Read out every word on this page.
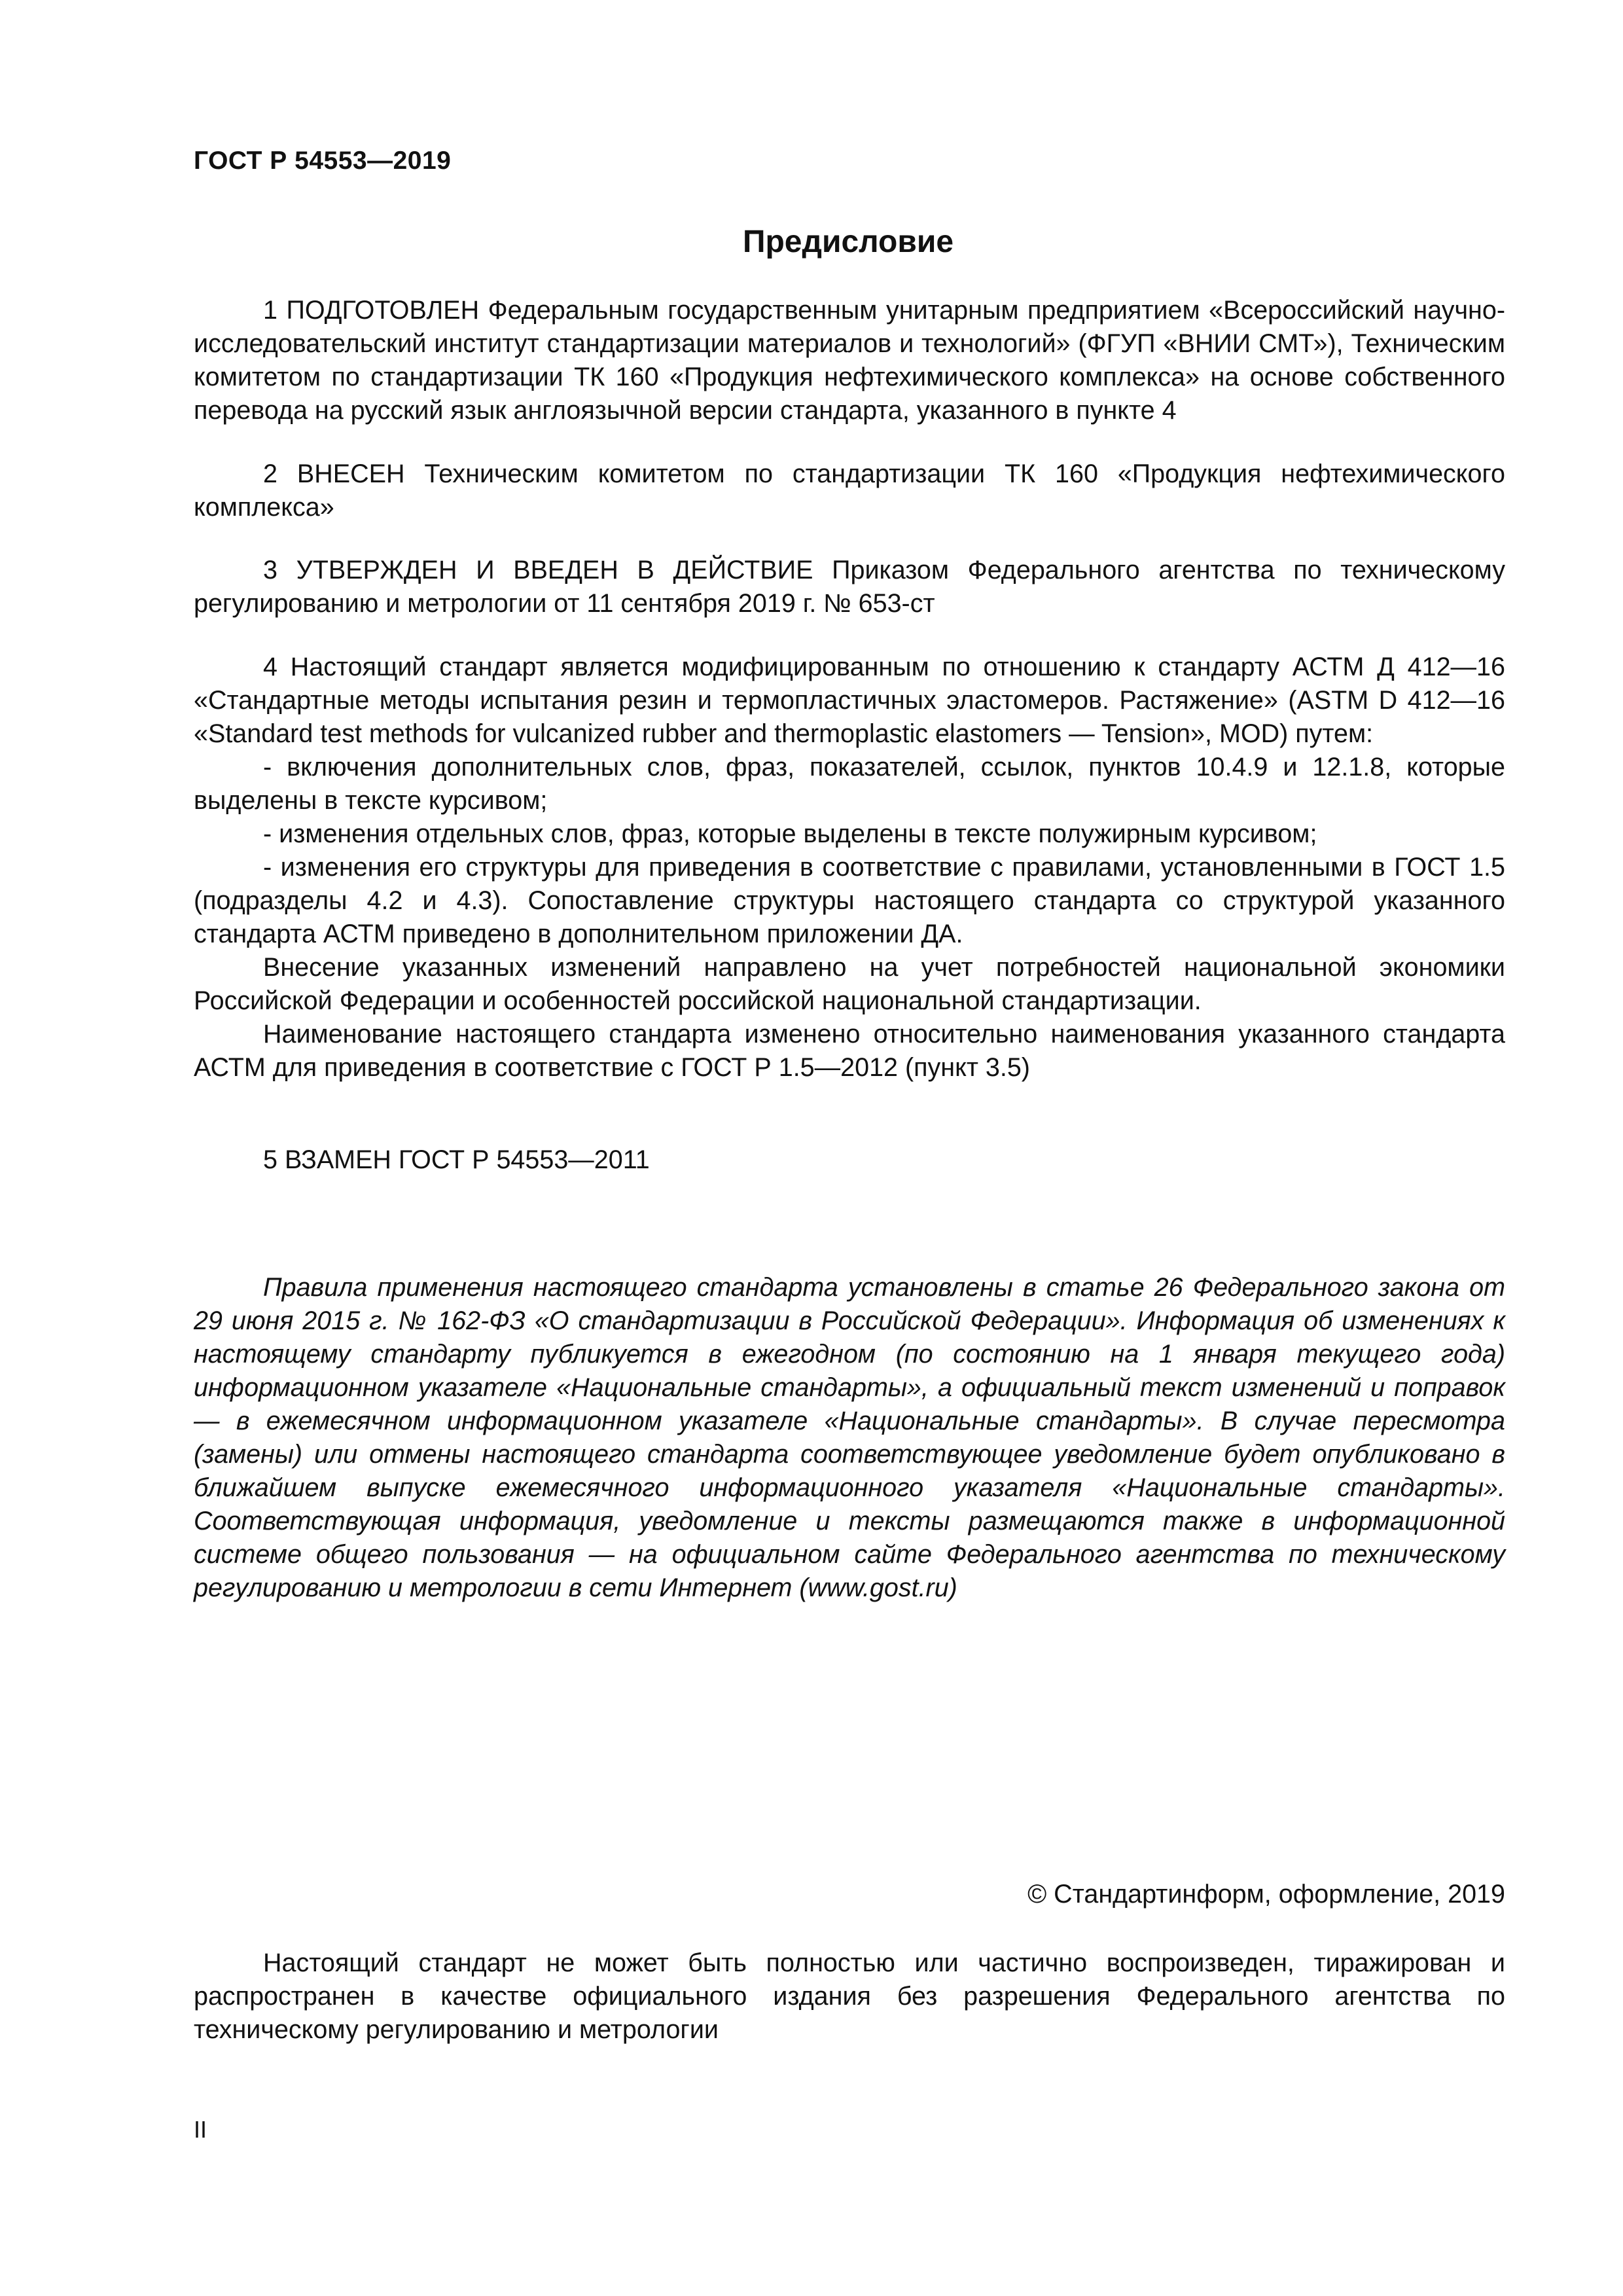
ГОСТ Р 54553—2019
Предисловие

1 ПОДГОТОВЛЕН Федеральным государственным унитарным предприятием «Всероссийский научно-исследовательский институт стандартизации материалов и технологий» (ФГУП «ВНИИ СМТ»), Техническим комитетом по стандартизации ТК 160 «Продукция нефтехимического комплекса» на основе собственного перевода на русский язык англоязычной версии стандарта, указанного в пункте 4

2 ВНЕСЕН Техническим комитетом по стандартизации ТК 160 «Продукция нефтехимического комплекса»

3 УТВЕРЖДЕН И ВВЕДЕН В ДЕЙСТВИЕ Приказом Федерального агентства по техническому регулированию и метрологии от 11 сентября 2019 г. № 653-ст

4 Настоящий стандарт является модифицированным по отношению к стандарту АСТМ Д 412—16 «Стандартные методы испытания резин и термопластичных эластомеров. Растяжение» (ASTM D 412—16 «Standard test methods for vulcanized rubber and thermoplastic elastomers — Tension», MOD) путем:

- включения дополнительных слов, фраз, показателей, ссылок, пунктов 10.4.9 и 12.1.8, которые выделены в тексте курсивом;

- изменения отдельных слов, фраз, которые выделены в тексте полужирным курсивом;

- изменения его структуры для приведения в соответствие с правилами, установленными в ГОСТ 1.5 (подразделы 4.2 и 4.3). Сопоставление структуры настоящего стандарта со структурой указанного стандарта АСТМ приведено в дополнительном приложении ДА.

Внесение указанных изменений направлено на учет потребностей национальной экономики Российской Федерации и особенностей российской национальной стандартизации.

Наименование настоящего стандарта изменено относительно наименования указанного стандарта АСТМ для приведения в соответствие с ГОСТ Р 1.5—2012 (пункт 3.5)

5 ВЗАМЕН ГОСТ Р 54553—2011

Правила применения настоящего стандарта установлены в статье 26 Федерального закона от 29 июня 2015 г. № 162-ФЗ «О стандартизации в Российской Федерации». Информация об изменениях к настоящему стандарту публикуется в ежегодном (по состоянию на 1 января текущего года) информационном указателе «Национальные стандарты», а официальный текст изменений и поправок — в ежемесячном информационном указателе «Национальные стандарты». В случае пересмотра (замены) или отмены настоящего стандарта соответствующее уведомление будет опубликовано в ближайшем выпуске ежемесячного информационного указателя «Национальные стандарты». Соответствующая информация, уведомление и тексты размещаются также в информационной системе общего пользования — на официальном сайте Федерального агентства по техническому регулированию и метрологии в сети Интернет (www.gost.ru)

© Стандартинформ, оформление, 2019

Настоящий стандарт не может быть полностью или частично воспроизведен, тиражирован и распространен в качестве официального издания без разрешения Федерального агентства по техническому регулированию и метрологии

II
